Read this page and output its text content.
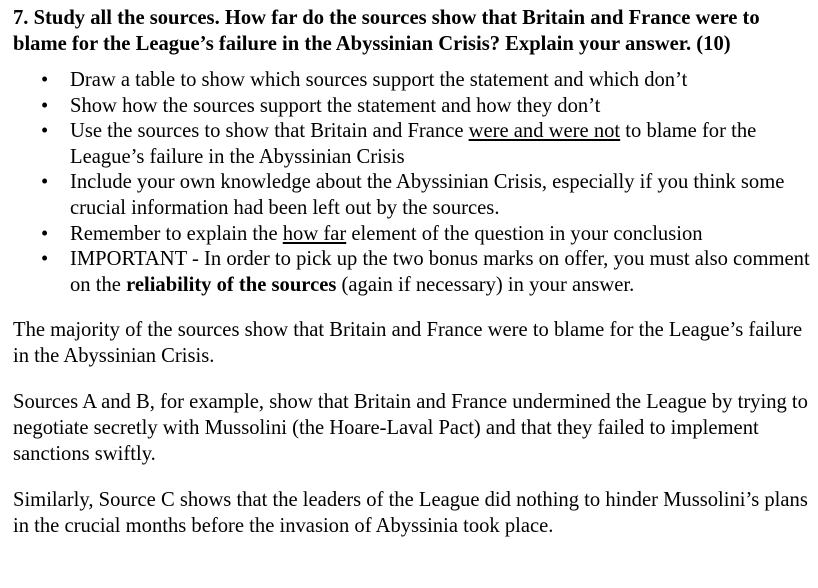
7. Study all the sources. How far do the sources show that Britain and France were to blame for the League’s failure in the Abyssinian Crisis? Explain your answer. (10)

• Draw a table to show which sources support the statement and which don’t
• Show how the sources support the statement and how they don’t
• Use the sources to show that Britain and France were and were not to blame for the League’s failure in the Abyssinian Crisis
• Include your own knowledge about the Abyssinian Crisis, especially if you think some crucial information had been left out by the sources.
• Remember to explain the how far element of the question in your conclusion
• IMPORTANT - In order to pick up the two bonus marks on offer, you must also comment on the reliability of the sources (again if necessary) in your answer.

The majority of the sources show that Britain and France were to blame for the League’s failure in the Abyssinian Crisis.

Sources A and B, for example, show that Britain and France undermined the League by trying to negotiate secretly with Mussolini (the Hoare-Laval Pact) and that they failed to implement sanctions swiftly.

Similarly, Source C shows that the leaders of the League did nothing to hinder Mussolini’s plans in the crucial months before the invasion of Abyssinia took place.
